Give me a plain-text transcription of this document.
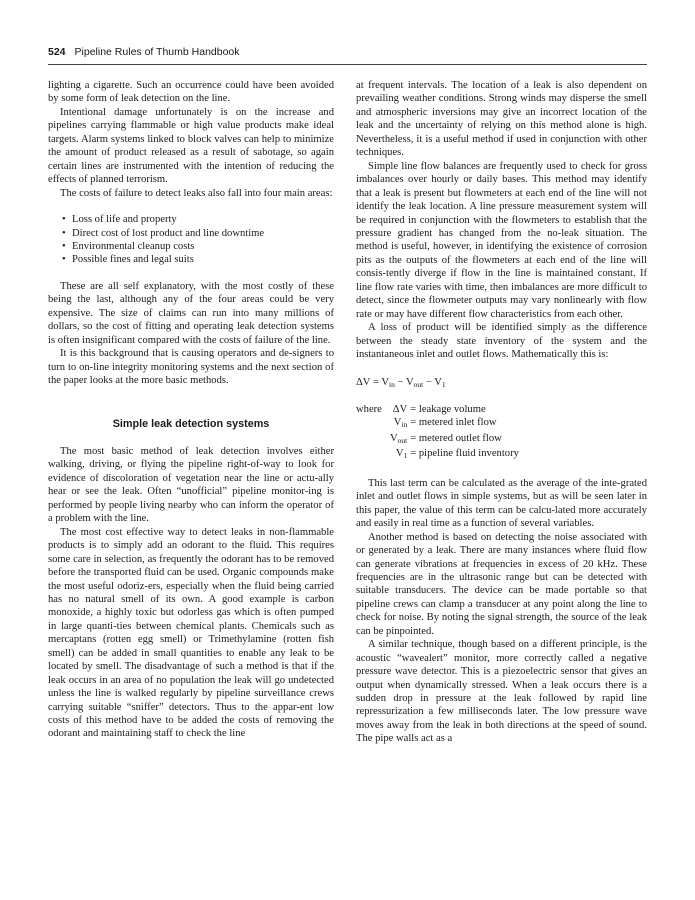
524 Pipeline Rules of Thumb Handbook

lighting a cigarette. Such an occurrence could have been avoided by some form of leak detection on the line.

Intentional damage unfortunately is on the increase and pipelines carrying flammable or high value products make ideal targets. Alarm systems linked to block valves can help to minimize the amount of product released as a result of sabotage, so again certain lines are instrumented with the intention of reducing the effects of planned terrorism.

The costs of failure to detect leaks also fall into four main areas:

• Loss of life and property
• Direct cost of lost product and line downtime
• Environmental cleanup costs
• Possible fines and legal suits

These are all self explanatory, with the most costly of these being the last, although any of the four areas could be very expensive. The size of claims can run into many millions of dollars, so the cost of fitting and operating leak detection systems is often insignificant compared with the costs of failure of the line.

It is this background that is causing operators and de-signers to turn to on-line integrity monitoring systems and the next section of the paper looks at the more basic methods.

Simple leak detection systems

The most basic method of leak detection involves either walking, driving, or flying the pipeline right-of-way to look for evidence of discoloration of vegetation near the line or actu-ally hear or see the leak. Often “unofficial” pipeline monitor-ing is performed by people living nearby who can inform the operator of a problem with the line.

The most cost effective way to detect leaks in non-flammable products is to simply add an odorant to the fluid. This requires some care in selection, as frequently the odorant has to be removed before the transported fluid can be used. Organic compounds make the most useful odoriz-ers, especially when the fluid being carried has no natural smell of its own. A good example is carbon monoxide, a highly toxic but odorless gas which is often pumped in large quanti-ties between chemical plants. Chemicals such as mercaptans (rotten egg smell) or Trimethylamine (rotten fish smell) can be added in small quantities to enable any leak to be located by smell. The disadvantage of such a method is that if the leak occurs in an area of no population the leak will go undetected unless the line is walked regularly by pipeline surveillance crews carrying suitable “sniffer” detectors. Thus to the appar-ent low costs of this method have to be added the costs of removing the odorant and maintaining staff to check the line

at frequent intervals. The location of a leak is also dependent on prevailing weather conditions. Strong winds may disperse the smell and atmospheric inversions may give an incorrect location of the leak and the uncertainty of relying on this method alone is high. Nevertheless, it is a useful method if used in conjunction with other techniques.

Simple line flow balances are frequently used to check for gross imbalances over hourly or daily bases. This method may identify that a leak is present but flowmeters at each end of the line will not identify the leak location. A line pressure measurement system will be required in conjunction with the flowmeters to establish that the pressure gradient has changed from the no-leak situation. The method is useful, however, in identifying the existence of corrosion pits as the outputs of the flowmeters at each end of the line will consis-tently diverge if flow in the line is maintained constant. If line flow rate varies with time, then imbalances are more difficult to detect, since the flowmeter outputs may vary nonlinearly with flow rate or may have different flow characteristics from each other.

A loss of product will be identified simply as the difference between the steady state inventory of the system and the instantaneous inlet and outlet flows. Mathematically this is:

$\Delta V = V_{in} - V_{out} - V_1$
where	ΔV	= leakage volume
	$V_{in}$	= metered inlet flow
	$V_{out}$	= metered outlet flow
	$V_1$	= pipeline fluid inventory

This last term can be calculated as the average of the inte-grated inlet and outlet flows in simple systems, but as will be seen later in this paper, the value of this term can be calcu-lated more accurately and easily in real time as a function of several variables.

Another method is based on detecting the noise associated with or generated by a leak. There are many instances where fluid flow can generate vibrations at frequencies in excess of 20 kHz. These frequencies are in the ultrasonic range but can be detected with suitable transducers. The device can be made portable so that pipeline crews can clamp a transducer at any point along the line to check for noise. By noting the signal strength, the source of the leak can be pinpointed.

A similar technique, though based on a different principle, is the acoustic “wavealert” monitor, more correctly called a negative pressure wave detector. This is a piezoelectric sensor that gives an output when dynamically stressed. When a leak occurs there is a sudden drop in pressure at the leak followed by rapid line repressurization a few milliseconds later. The low pressure wave moves away from the leak in both directions at the speed of sound. The pipe walls act as a
